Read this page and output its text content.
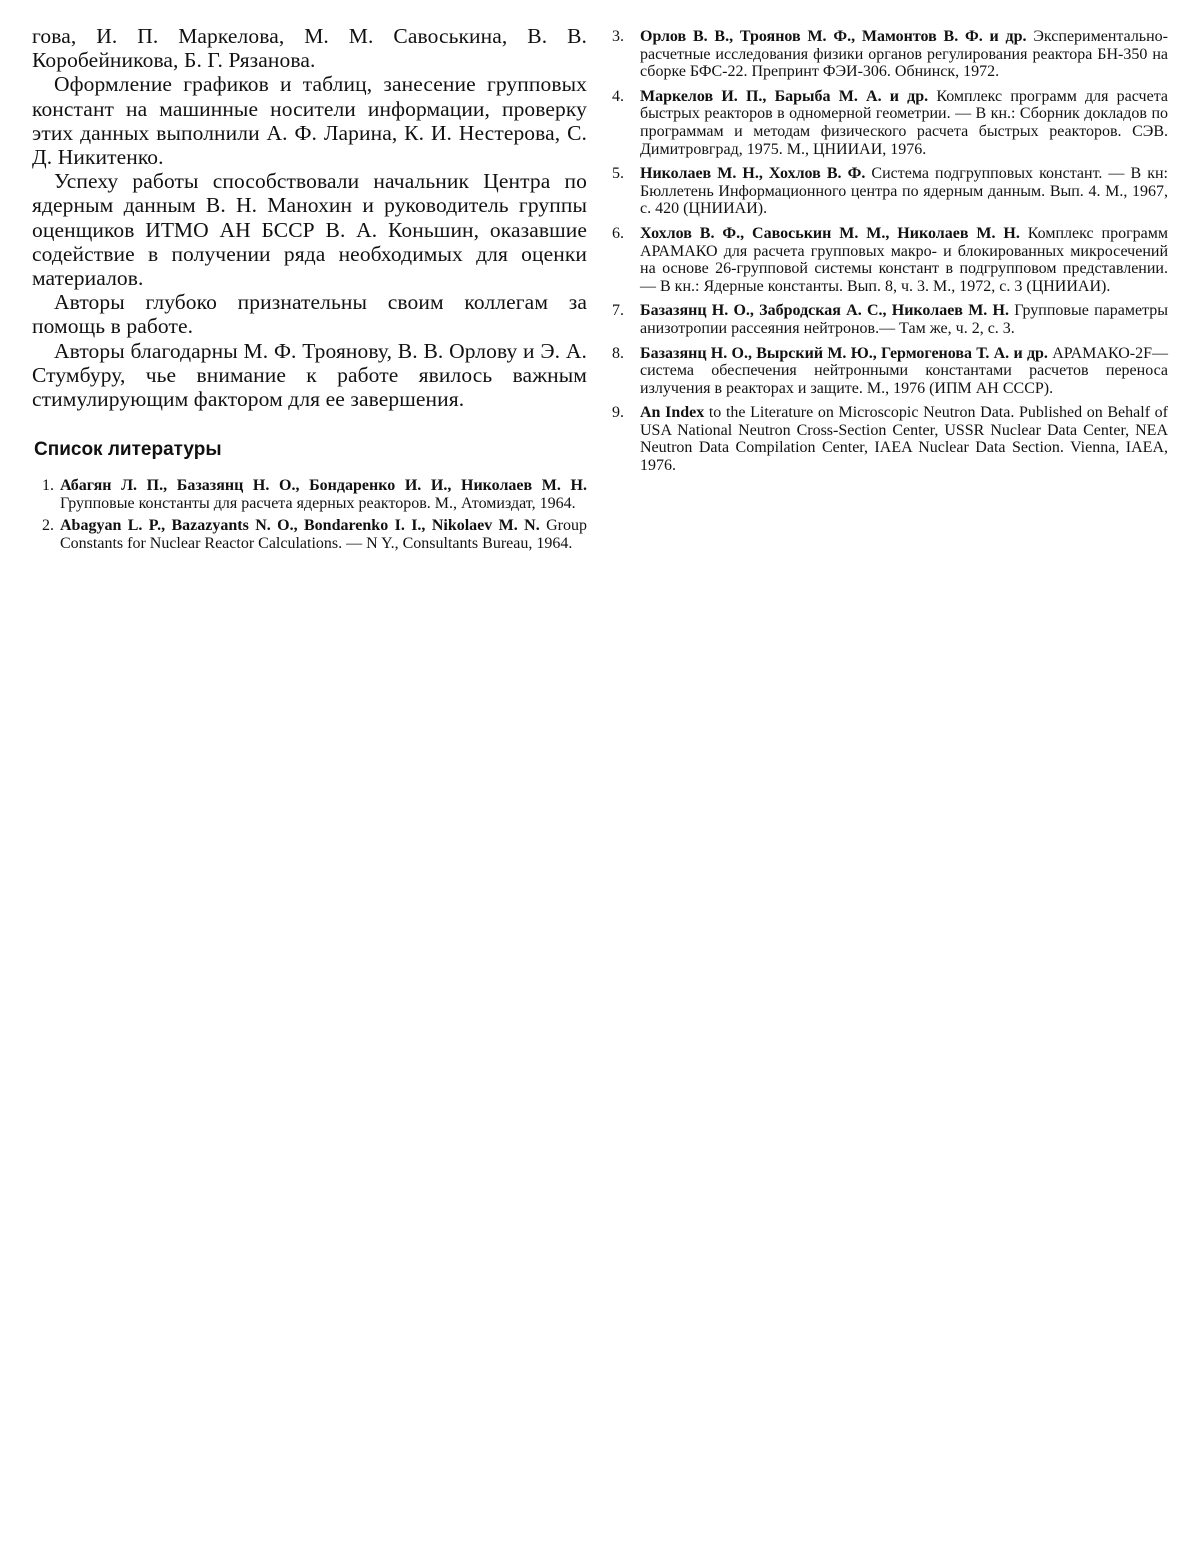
гова, И. П. Маркелова, М. М. Савоськина, В. В. Коробейникова, Б. Г. Рязанова.

Оформление графиков и таблиц, занесение групповых констант на машинные носители информации, проверку этих данных выполнили А. Ф. Ларина, К. И. Нестерова, С. Д. Никитенко.

Успеху работы способствовали начальник Центра по ядерным данным В. Н. Манохин и руководитель группы оценщиков ИТМО АН БССР В. А. Коньшин, оказавшие содействие в получении ряда необходимых для оценки материалов.

Авторы глубоко признательны своим коллегам за помощь в работе.

Авторы благодарны М. Ф. Троянову, В. В. Орлову и Э. А. Стумбуру, чье внимание к работе явилось важным стимулирующим фактором для ее завершения.

Список литературы
1. Абагян Л. П., Базазянц Н. О., Бондаренко И. И., Николаев М. Н. Групповые константы для расчета ядерных реакторов. М., Атомиздат, 1964.
2. Abagyan L. P., Bazazyants N. O., Bondarenko I. I., Nikolaev M. N. Group Constants for Nuclear Reactor Calculations. — N Y., Consultants Bureau, 1964.
3.	Орлов В. В., Троянов М. Ф., Мамонтов В. Ф. и др. Экспериментально-расчетные исследования физики органов регулирования реактора БН-350 на сборке БФС-22. Препринт ФЭИ-306. Обнинск, 1972.
4.	Маркелов И. П., Барыба М. А. и др. Комплекс программ для расчета быстрых реакторов в одномерной геометрии. — В кн.: Сборник докладов по программам и методам физического расчета быстрых реакторов. СЭВ. Димитровград, 1975. М., ЦНИИАИ, 1976.
5.	Николаев М. Н., Хохлов В. Ф. Система подгрупповых констант. — В кн: Бюллетень Информационного центра по ядерным данным. Вып. 4. М., 1967, с. 420 (ЦНИИАИ).
6.	Хохлов В. Ф., Савоськин М. М., Николаев М. Н. Комплекс программ АРАМАКО для расчета групповых макро- и блокированных микросечений на основе 26-групповой системы констант в подгрупповом представлении. — В кн.: Ядерные константы. Вып. 8, ч. 3. М., 1972, с. 3 (ЦНИИАИ).
7.	Базазянц Н. О., Забродская А. С., Николаев М. Н. Групповые параметры анизотропии рассеяния нейтронов.— Там же, ч. 2, с. 3.
8.	Базазянц Н. О., Вырский М. Ю., Гермогенова Т. А. и др. АРАМАКО-2F—система обеспечения нейтронными константами расчетов переноса излучения в реакторах и защите. М., 1976 (ИПМ АН СССР).
9.	An Index to the Literature on Microscopic Neutron Data. Published on Behalf of USA National Neutron Cross-Section Center, USSR Nuclear Data Center, NEA Neutron Data Compilation Center, IAEA Nuclear Data Section. Vienna, IAEA, 1976.
